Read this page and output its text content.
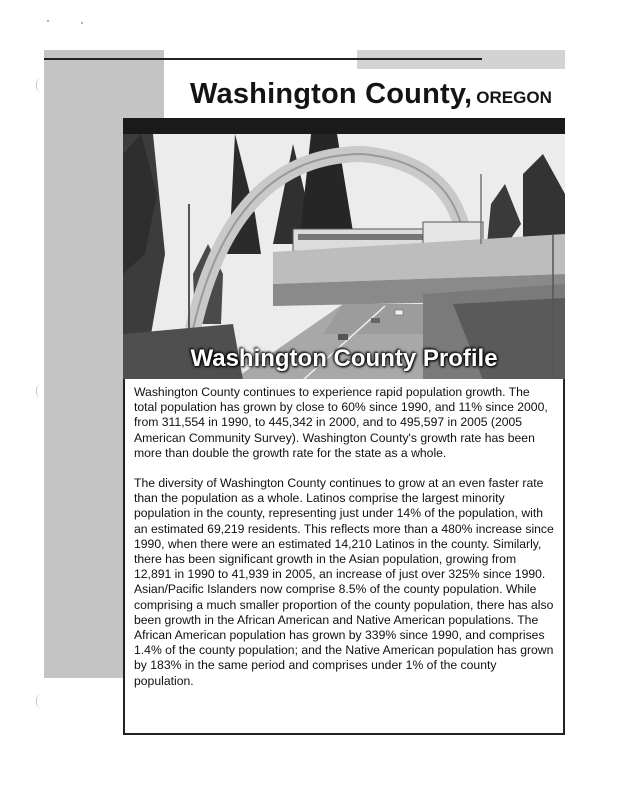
Washington County, OREGON
Washington County Profile

Washington County continues to experience rapid population growth. The total population has grown by close to 60% since 1990, and 11% since 2000, from 311,554 in 1990, to 445,342 in 2000, and to 495,597 in 2005 (2005 American Community Survey). Washington County's growth rate has been more than double the growth rate for the state as a whole.

The diversity of Washington County continues to grow at an even faster rate than the population as a whole. Latinos comprise the largest minority population in the county, representing just under 14% of the population, with an estimated 69,219 residents. This reflects more than a 480% increase since 1990, when there were an estimated 14,210 Latinos in the county. Similarly, there has been significant growth in the Asian population, growing from 12,891 in 1990 to 41,939 in 2005, an increase of just over 325% since 1990. Asian/Pacific Islanders now comprise 8.5% of the county population. While comprising a much smaller proportion of the county population, there has also been growth in the African American and Native American populations. The African American population has grown by 339% since 1990, and comprises 1.4% of the county population; and the Native American population has grown by 183% in the same period and comprises under 1% of the county population.
